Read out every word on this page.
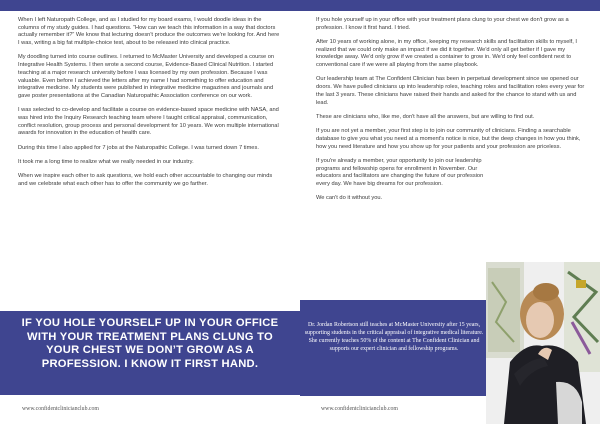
When I left Naturopath College, and as I studied for my board exams, I would doodle ideas in the columns of my study guides. I had questions. “How can we teach this information in a way that doctors actually remember it?” We know that lecturing doesn't produce the outcomes we're looking for. And here I was, writing a big fat multiple-choice test, about to be released into clinical practice.

My doodling turned into course outlines. I returned to McMaster University and developed a course on Integrative Health Systems. I then wrote a second course, Evidence-Based Clinical Nutrition. I started teaching at a major research university before I was licensed by my own profession. Because I was valuable. Even before I achieved the letters after my name I had something to offer education and integrative medicine. My students were published in integrative medicine magazines and journals and gave poster presentations at the Canadian Naturopathic Association conference on our work.

I was selected to co-develop and facilitate a course on evidence-based space medicine with NASA, and was hired into the Inquiry Research teaching team where I taught critical appraisal, communication, conflict resolution, group process and personal development for 10 years. We won multiple international awards for innovation in the education of health care.

During this time I also applied for 7 jobs at the Naturopathic College. I was turned down 7 times.

It took me a long time to realize what we really needed in our industry.

When we inspire each other to ask questions, we hold each other accountable to changing our minds and we celebrate what each other has to offer the community we go farther.

IF YOU HOLE YOURSELF UP IN YOUR OFFICE WITH YOUR TREATMENT PLANS CLUNG TO YOUR CHEST WE DON’T GROW AS A PROFESSION. I KNOW IT FIRST HAND.
www.confidentclinicianclub.com

If you hole yourself up in your office with your treatment plans clung to your chest we don't grow as a profession. I know it first hand. I tried.

After 10 years of working alone, in my office, keeping my research skills and facilitation skills to myself, I realized that we could only make an impact if we did it together. We'd only all get better if I gave my knowledge away. We'd only grow if we created a container to grow in. We'd only feel confident next to conventional care if we were all playing from the same playbook.

Our leadership team at The Confident Clinician has been in perpetual development since we opened our doors. We have pulled clinicians up into leadership roles, teaching roles and facilitation roles every year for the last 3 years. These clinicians have raised their hands and asked for the chance to stand with us and lead.

These are clinicians who, like me, don't have all the answers, but are willing to find out.

If you are not yet a member, your first step is to join our community of clinicians. Finding a searchable database to give you what you need at a moment's notice is nice, but the deep changes in how you think, how you need literature and how you show up for your patients and your profession are priceless.

If you're already a member, your opportunity to join our leadership programs and fellowship opens for enrollment in November. Our educators and facilitators are changing the future of our profession every day. We have big dreams for our profession.

We can't do it without you.

Dr. Jordan Robertson still teaches at McMaster University after 15 years, supporting students in the critical appraisal of integrative medical literature. She currently teaches 50% of the content at The Confident Clinician and supports our expert clinician and fellowship programs.
www.confidentclinicianclub.com
